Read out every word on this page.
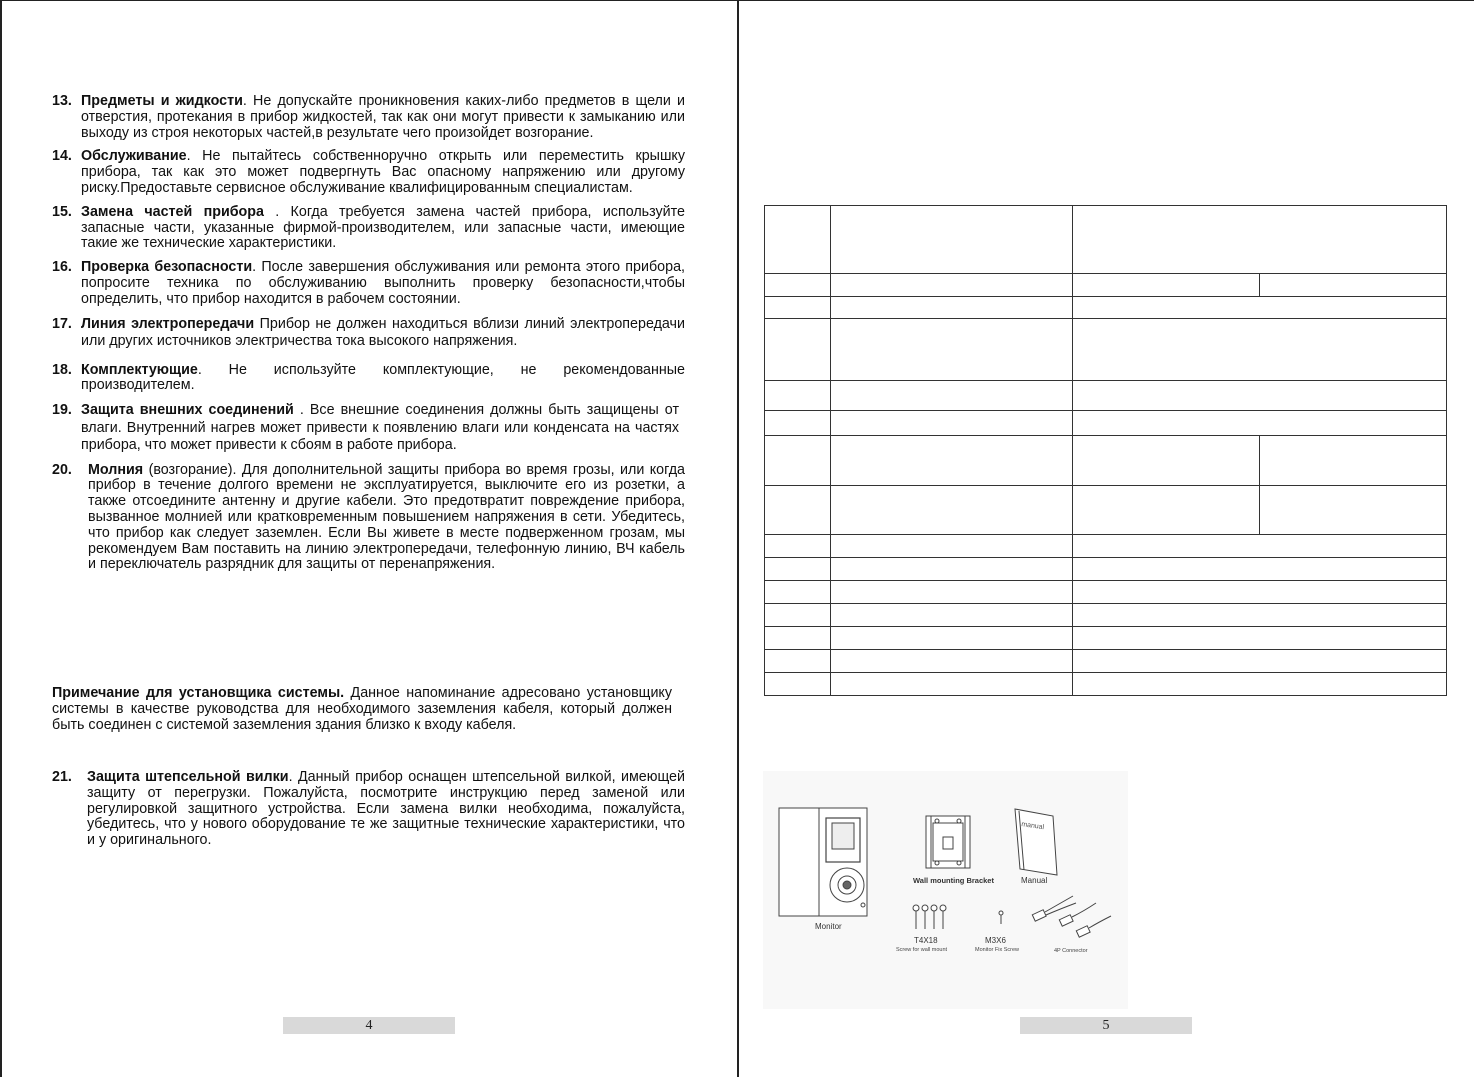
13. Предметы и жидкости. Не допускайте проникновения каких-либо предметов в щели и отверстия, протекания в прибор жидкостей, так как они могут привести к замыканию или выходу из строя некоторых частей,в результате чего произойдет возгорание.
14. Обслуживание. Не пытайтесь собственноручно открыть или переместить крышку прибора, так как это может подвергнуть Вас опасному напряжению или другому риску.Предоставьте сервисное обслуживание квалифицированным специалистам.
15. Замена частей прибора . Когда требуется замена частей прибора, используйте запасные части, указанные фирмой-производителем, или запасные части, имеющие такие же технические характеристики.
16. Проверка безопасности. После завершения обслуживания или ремонта этого прибора, попросите техника по обслуживанию выполнить проверку безопасности,чтобы определить, что прибор находится в рабочем состоянии.
17. Линия электропередачи Прибор не должен находиться вблизи линий электропередачи или других источников электричества тока высокого напряжения.
18. Комплектующие. Не используйте комплектующие, не рекомендованные производителем.
19. Защита внешних соединений . Все внешние соединения должны быть защищены от влаги. Внутренний нагрев может привести к появлению влаги или конденсата на частях прибора, что может привести к сбоям в работе прибора.
20. Молния (возгорание). Для дополнительной защиты прибора во время грозы, или когда прибор в течение долгого времени не эксплуатируется, выключите его из розетки, а также отсоедините антенну и другие кабели. Это предотвратит повреждение прибора, вызванное молнией или кратковременным повышением напряжения в сети. Убедитесь, что прибор как следует заземлен. Если Вы живете в месте подверженном грозам, мы рекомендуем Вам поставить на линию электропередачи, телефонную линию, ВЧ кабель и переключатель разрядник для защиты от перенапряжения.
Примечание для установщика системы. Данное напоминание адресовано установщику системы в качестве руководства для необходимого заземления кабеля, который должен быть соединен с системой заземления здания близко к входу кабеля.
21. Защита штепсельной вилки. Данный прибор оснащен штепсельной вилкой, имеющей защиту от перегрузки. Пожалуйста, посмотрите инструкцию перед заменой или регулировкой защитного устройства. Если замена вилки необходима, пожалуйста, убедитесь, что у нового оборудование те же защитные технические характеристики, что и у оригинального.
4	5

manual
Monitor
Wall mounting Bracket	Manual
T4X18
Screw for wall mount
M3X6
Monitor Fix Screw	4P Connector
